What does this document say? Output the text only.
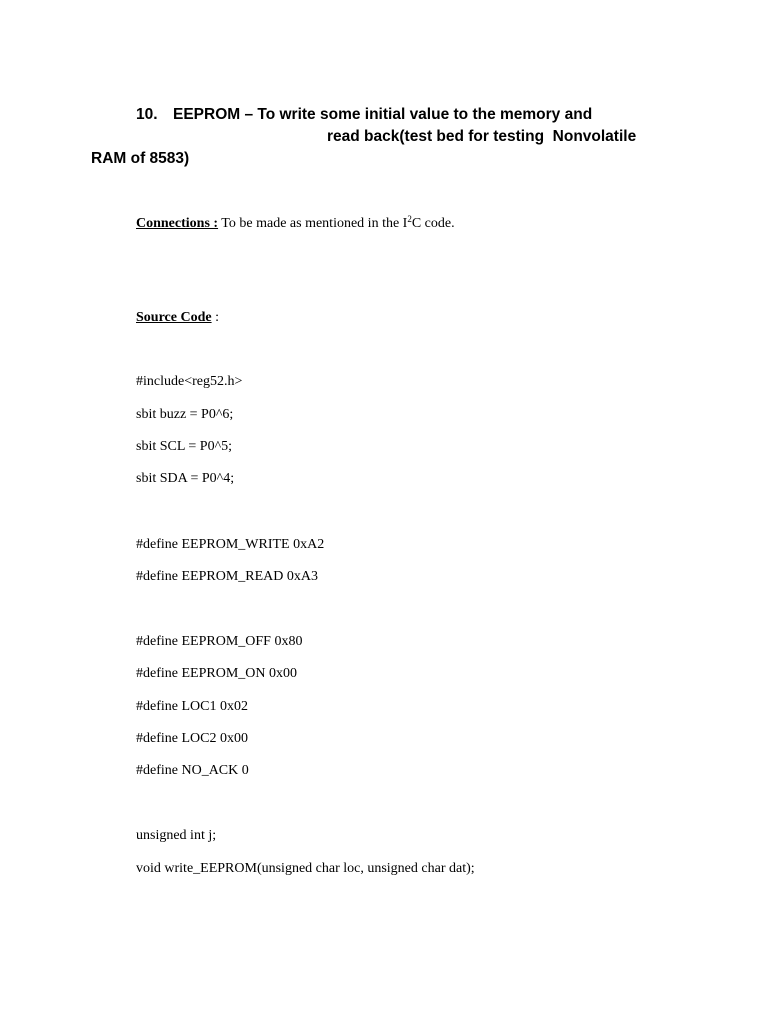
10. EEPROM – To write some initial value to the memory and
read back(test bed for testing  Nonvolatile
RAM of 8583)
Connections : To be made as mentioned in the $I^2C$ code.
Source Code :
#include<reg52.h>
sbit buzz = P0^6;
sbit SCL = P0^5;
sbit SDA = P0^4;
#define EEPROM_WRITE 0xA2
#define EEPROM_READ 0xA3
#define EEPROM_OFF 0x80
#define EEPROM_ON 0x00
#define LOC1 0x02
#define LOC2 0x00
#define NO_ACK 0
unsigned int j;
void write_EEPROM(unsigned char loc, unsigned char dat);
